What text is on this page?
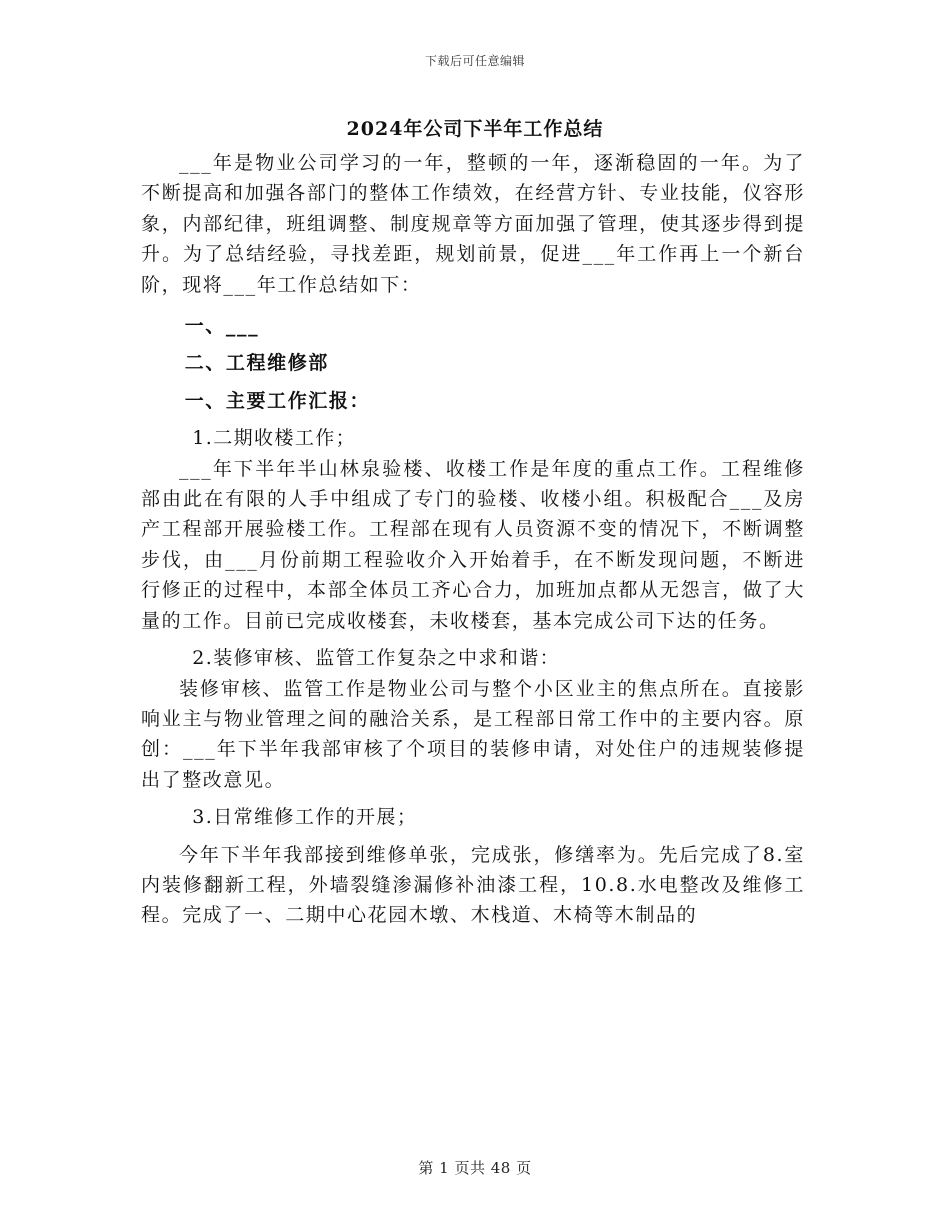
下载后可任意编辑
2024年公司下半年工作总结

___年是物业公司学习的一年，整顿的一年，逐渐稳固的一年。为了不断提高和加强各部门的整体工作绩效，在经营方针、专业技能，仪容形象，内部纪律，班组调整、制度规章等方面加强了管理，使其逐步得到提升。为了总结经验，寻找差距，规划前景，促进___年工作再上一个新台阶，现将___年工作总结如下：

一、___

二、工程维修部

一、主要工作汇报：

1.二期收楼工作；

___年下半年半山林泉验楼、收楼工作是年度的重点工作。工程维修部由此在有限的人手中组成了专门的验楼、收楼小组。积极配合___及房产工程部开展验楼工作。工程部在现有人员资源不变的情况下，不断调整步伐，由___月份前期工程验收介入开始着手，在不断发现问题，不断进行修正的过程中，本部全体员工齐心合力，加班加点都从无怨言，做了大量的工作。目前已完成收楼套，未收楼套，基本完成公司下达的任务。

2.装修审核、监管工作复杂之中求和谐：

装修审核、监管工作是物业公司与整个小区业主的焦点所在。直接影响业主与物业管理之间的融洽关系，是工程部日常工作中的主要内容。原创：___年下半年我部审核了个项目的装修申请，对处住户的违规装修提出了整改意见。

3.日常维修工作的开展；

今年下半年我部接到维修单张，完成张，修缮率为。先后完成了8.室内装修翻新工程，外墙裂缝渗漏修补油漆工程，10.8.水电整改及维修工程。完成了一、二期中心花园木墩、木栈道、木椅等木制品的

第 1 页共 48 页
